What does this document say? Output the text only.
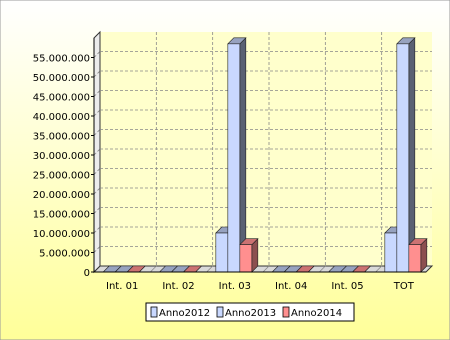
0
5.000.000
10.000.000
15.000.000
20.000.000
25.000.000
30.000.000
35.000.000
40.000.000
45.000.000
50.000.000
55.000.000
Int. 01 Int. 02 Int. 03 Int. 04 Int. 05	TOT
Anno2012 Anno2013 Anno2014
